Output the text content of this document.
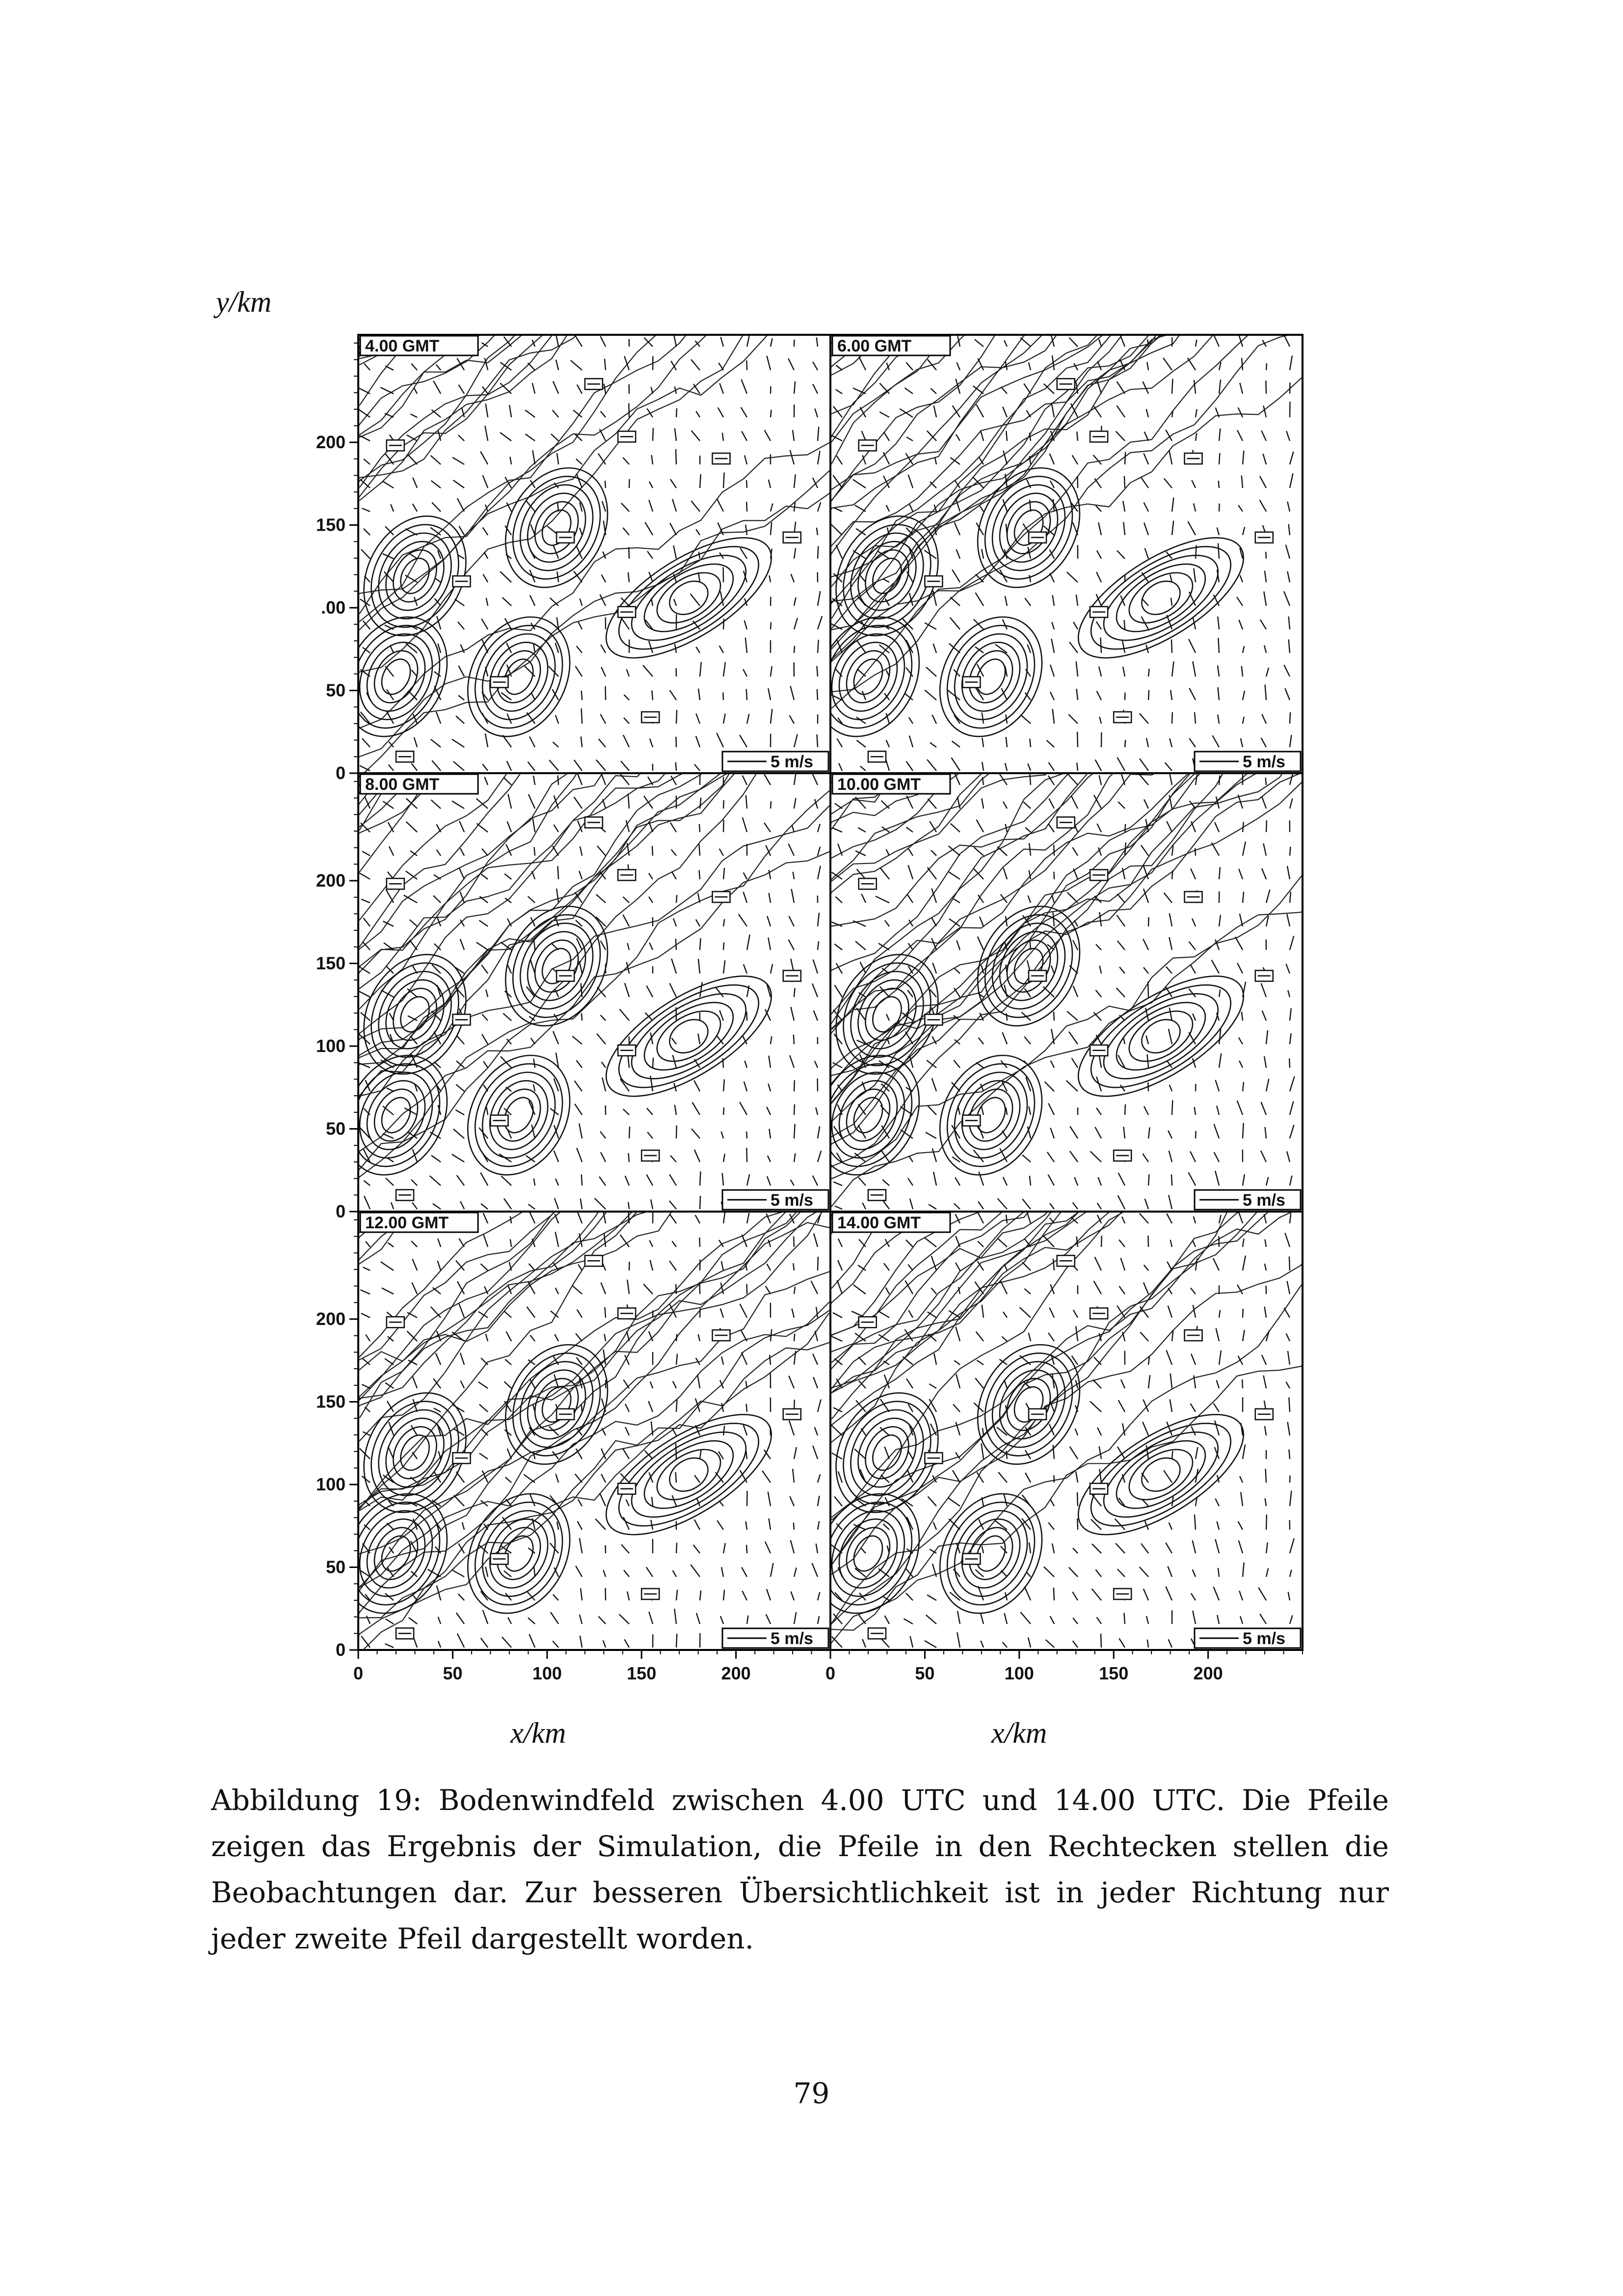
y/km
x/km	x/km
4.00 GMT
5 m/s
6.00 GMT
5 m/s
8.00 GMT
5 m/s
10.00 GMT
5 m/s
12.00 GMT
5 m/s
14.00 GMT
5 m/s
200
150
.00
50
0
200
150
100
50
0
200
150
100
50
0
0	50	100	150	200	0	50	100	150	200

Abbildung 19: Bodenwindfeld zwischen 4.00 UTC und 14.00 UTC. Die Pfeile zeigen das Ergebnis der Simulation, die Pfeile in den Rechtecken stellen die Beobachtungen dar. Zur besseren Übersichtlichkeit ist in jeder Richtung nur jeder zweite Pfeil dargestellt worden.

79
